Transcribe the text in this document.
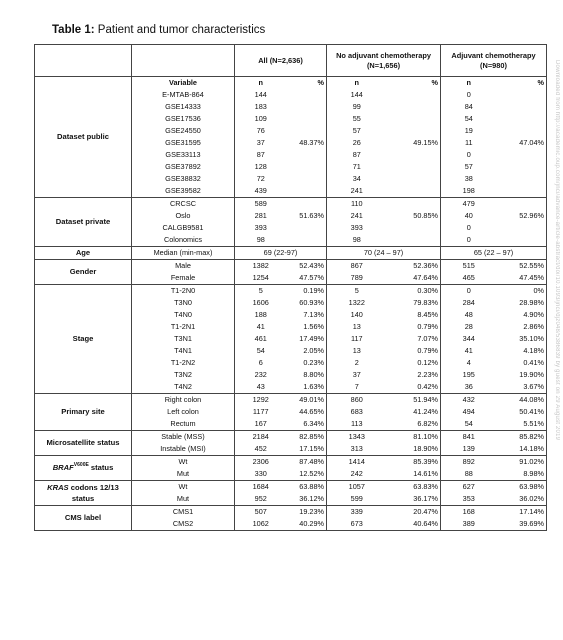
Table 1: Patient and tumor characteristics
Downloaded from http://academic.oup.com/jnci/advance-article-abstract/doi/10.1093/jnci/djz048/5386839 by guest on 29 August 2019
		All (N=2,636)		No adjuvant chemotherapy (N=1,656)		Adjuvant chemotherapy (N=980)	
Dataset public	Variable	n	%	n	%	n	%
	E-MTAB-864	144		144		0	
	GSE14333	183		99		84	
	GSE17536	109		55		54	
	GSE24550	76		57		19	
	GSE31595	37	48.37%	26	49.15%	11	47.04%
	GSE33113	87		87		0	
	GSE37892	128		71		57	
	GSE38832	72		34		38	
	GSE39582	439		241		198	
Dataset private	CRCSC	589		110		479	
	Oslo	281	51.63%	241	50.85%	40	52.96%
	CALGB9581	393		393		0	
	Colonomics	98		98		0	
Age	Median (min-max)	69 (22-97)		70 (24 – 97)		65 (22 – 97)	
Gender	Male	1382	52.43%	867	52.36%	515	52.55%
	Female	1254	47.57%	789	47.64%	465	47.45%
Stage	T1-2N0	5	0.19%	5	0.30%	0	0%
	T3N0	1606	60.93%	1322	79.83%	284	28.98%
	T4N0	188	7.13%	140	8.45%	48	4.90%
	T1-2N1	41	1.56%	13	0.79%	28	2.86%
	T3N1	461	17.49%	117	7.07%	344	35.10%
	T4N1	54	2.05%	13	0.79%	41	4.18%
	T1-2N2	6	0.23%	2	0.12%	4	0.41%
	T3N2	232	8.80%	37	2.23%	195	19.90%
	T4N2	43	1.63%	7	0.42%	36	3.67%
Primary site	Right colon	1292	49.01%	860	51.94%	432	44.08%
	Left colon	1177	44.65%	683	41.24%	494	50.41%
	Rectum	167	6.34%	113	6.82%	54	5.51%
Microsatellite status	Stable (MSS)	2184	82.85%	1343	81.10%	841	85.82%
	Instable (MSI)	452	17.15%	313	18.90%	139	14.18%
$BRAF^{V600E}$ status	Wt	2306	87.48%	1414	85.39%	892	91.02%
	Mut	330	12.52%	242	14.61%	88	8.98%
KRAS codons 12/13
status	Wt	1684	63.88%	1057	63.83%	627	63.98%
	Mut	952	36.12%	599	36.17%	353	36.02%
CMS label	CMS1	507	19.23%	339	20.47%	168	17.14%
	CMS2	1062	40.29%	673	40.64%	389	39.69%
